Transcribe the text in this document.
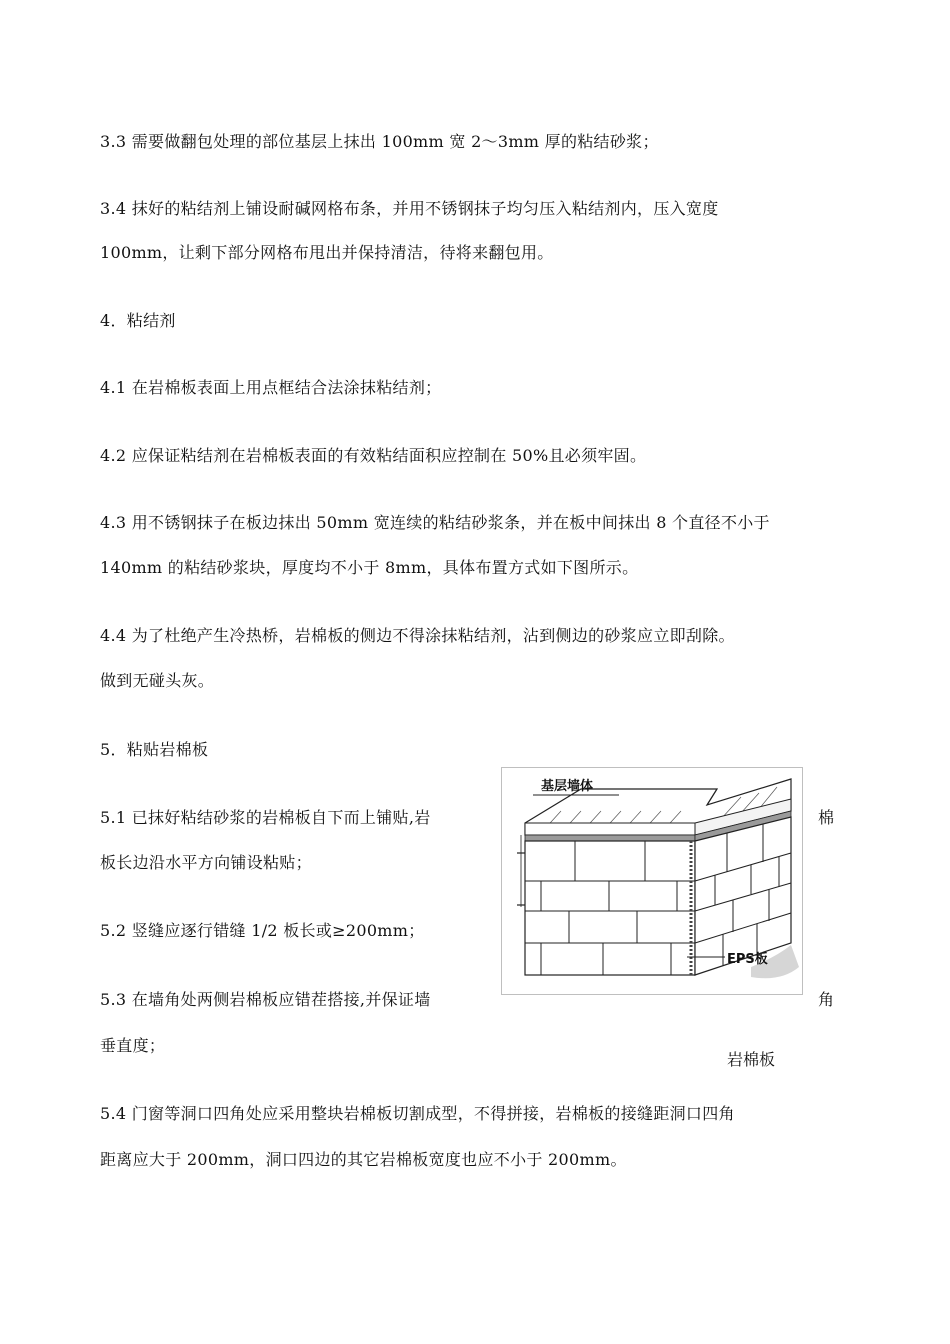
3.3 需要做翻包处理的部位基层上抹出 100mm 宽 2～3mm 厚的粘结砂浆；
3.4 抹好的粘结剂上铺设耐碱网格布条，并用不锈钢抹子均匀压入粘结剂内，压入宽度
100mm，让剩下部分网格布甩出并保持清洁，待将来翻包用。
4．粘结剂
4.1 在岩棉板表面上用点框结合法涂抹粘结剂；
4.2 应保证粘结剂在岩棉板表面的有效粘结面积应控制在 50%且必须牢固。
4.3 用不锈钢抹子在板边抹出 50mm 宽连续的粘结砂浆条，并在板中间抹出 8 个直径不小于
140mm 的粘结砂浆块，厚度均不小于 8mm，具体布置方式如下图所示。
4.4 为了杜绝产生冷热桥，岩棉板的侧边不得涂抹粘结剂，沾到侧边的砂浆应立即刮除。
做到无碰头灰。
5．粘贴岩棉板
5.1 已抹好粘结砂浆的岩棉板自下而上铺贴,岩	棉
板长边沿水平方向铺设粘贴；
5.2 竖缝应逐行错缝 1/2 板长或≥200mm；
5.3 在墙角处两侧岩棉板应错茬搭接,并保证墙	角
垂直度；
岩棉板
5.4 门窗等洞口四角处应采用整块岩棉板切割成型，不得拼接，岩棉板的接缝距洞口四角
距离应大于 200mm，洞口四边的其它岩棉板宽度也应不小于 200mm。
基层墙体
EPS板
